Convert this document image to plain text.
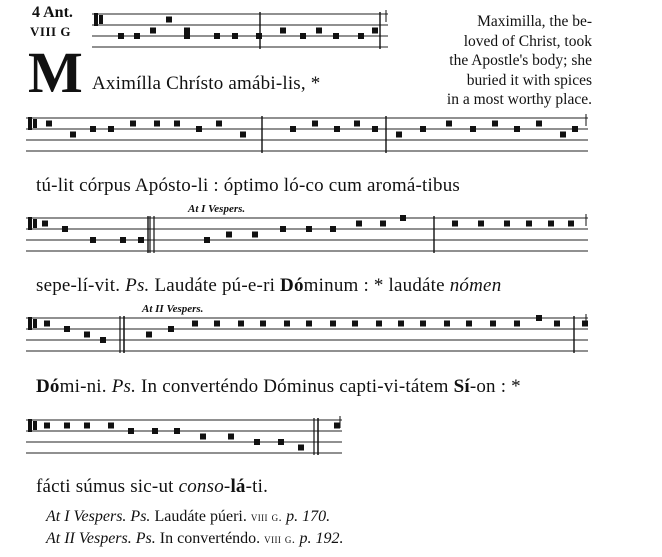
4 Ant.
VIII G
M
Maximilla, the be-
loved of Christ, took
the Apostle's body; she
buried it with spices
in a most worthy place.
At I Vespers.
At II Vespers.
Aximílla Chrísto amábi-lis, *
tú-lit córpus Apósto-li : óptimo ló-co cum aromá-tibus
sepe-lí-vit. Ps. Laudáte pú-e-ri Dóminum : * laudáte nómen
Dómi-ni. Ps. In converténdo Dóminus capti-vi-tátem Sí-on : *
fácti súmus sic-ut conso-lá-ti.
At I Vespers. Ps. Laudáte púeri. viii g. p. 170.
At II Vespers. Ps. In converténdo. viii g. p. 192.
